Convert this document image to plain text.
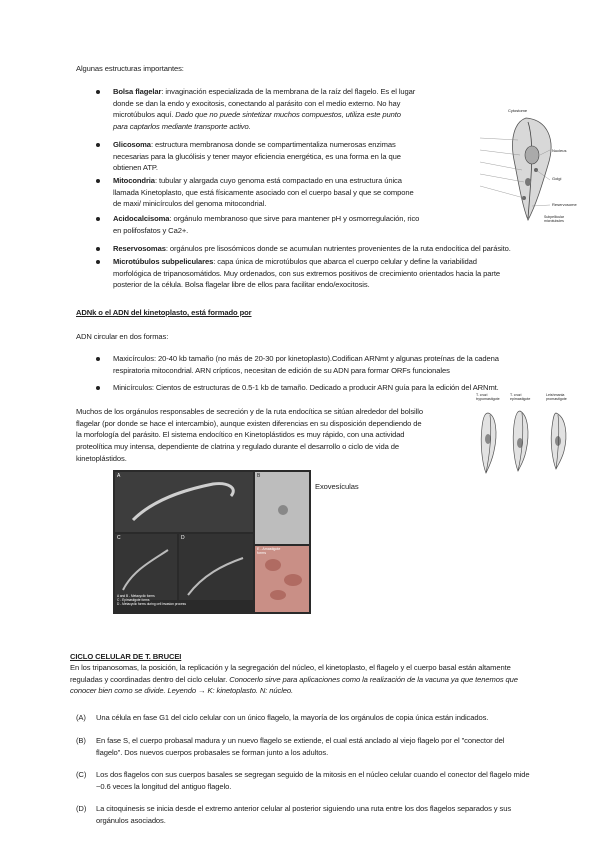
Algunas estructuras importantes:
Bolsa flagelar: invaginación especializada de la membrana de la raíz del flagelo. Es el lugar
donde se dan la endo y exocitosis, conectando al parásito con el medio externo. No hay
microtúbulos aquí. Dado que no puede sintetizar muchos compuestos, utiliza este punto
para captarlos mediante transporte activo.
Glicosoma: estructura membranosa donde se compartimentaliza numerosas enzimas
necesarias para la glucólisis y tener mayor eficiencia energética, es una forma en la que
obtienen ATP.
Mitocondria: tubular y alargada cuyo genoma está compactado en una estructura única
llamada Kinetoplasto, que está físicamente asociado con el cuerpo basal y que se compone
de maxi/ minicírculos del genoma mitocondrial.
Acidocalcisoma: orgánulo membranoso que sirve para mantener pH y osmorregulación, rico
en polifosfatos y Ca2+.
Reservosomas: orgánulos pre lisosómicos donde se acumulan nutrientes provenientes de la ruta endocítica del parásito.
Microtúbulos subpeliculares: capa única de microtúbulos que abarca el cuerpo celular y define la variabilidad
morfológica de tripanosomátidos. Muy ordenados, con sus extremos positivos de crecimiento orientados hacia la parte
posterior de la célula. Bolsa flagelar libre de ellos para facilitar endo/exocitosis.
Cytostome
Nucleus
Golgi
Reservosome
Subpellicular microtubules
ADNk o el ADN del kinetoplasto, está formado por
ADN circular en dos formas:
Maxicírculos: 20-40 kb tamaño (no más de 20-30 por kinetoplasto).Codifican ARNmt y algunas proteínas de la cadena
respiratoria mitocondrial. ARN crípticos, necesitan de edición de su ADN para formar ORFs funcionales
Minicírculos: Cientos de estructuras de 0.5-1 kb de tamaño. Dedicado a producir ARN guía para la edición del ARNmt.
Muchos de los orgánulos responsables de secreción y de la ruta endocítica se sitúan alrededor del bolsillo
flagelar (por donde se hace el intercambio), aunque existen diferencias en su disposición dependiendo de
la morfología del parásito. El sistema endocítico en Kinetoplástidos es muy rápido, con una actividad
proteolítica muy intensa, dependiente de clatrina y regulado durante el desarrollo o ciclo de vida de
kinetoplástidos.
T. cruzi
trypomastigote
T. cruzi
epimastigote
Leishmania
promastigote
A	B
C	D
E - Amastigote
forms
A and B - Metacyclic forms
C - Epimastigote forms
D - Metacyclic forms during cell invasion process
Exovesículas
CICLO CELULAR DE T. BRUCEI
En los tripanosomas, la posición, la replicación y la segregación del núcleo, el kinetoplasto, el flagelo y el cuerpo basal están altamente
reguladas y coordinadas dentro del ciclo celular. Conocerlo sirve para aplicaciones como la realización de la vacuna ya que tenemos que
conocer bien como se divide. Leyendo → K: kinetoplasto. N: núcleo.
(A) Una célula en fase G1 del ciclo celular con un único flagelo, la mayoría de los orgánulos de copia única están indicados.
(B) En fase S, el cuerpo probasal madura y un nuevo flagelo se extiende, el cual está anclado al viejo flagelo por el "conector del
flagelo". Dos nuevos cuerpos probasales se forman junto a los adultos.
(C) Los dos flagelos con sus cuerpos basales se segregan seguido de la mitosis en el núcleo celular cuando el conector del flagelo mide
~0.6 veces la longitud del antiguo flagelo.
(D) La citoquinesis se inicia desde el extremo anterior celular al posterior siguiendo una ruta entre los dos flagelos separados y sus
orgánulos asociados.
